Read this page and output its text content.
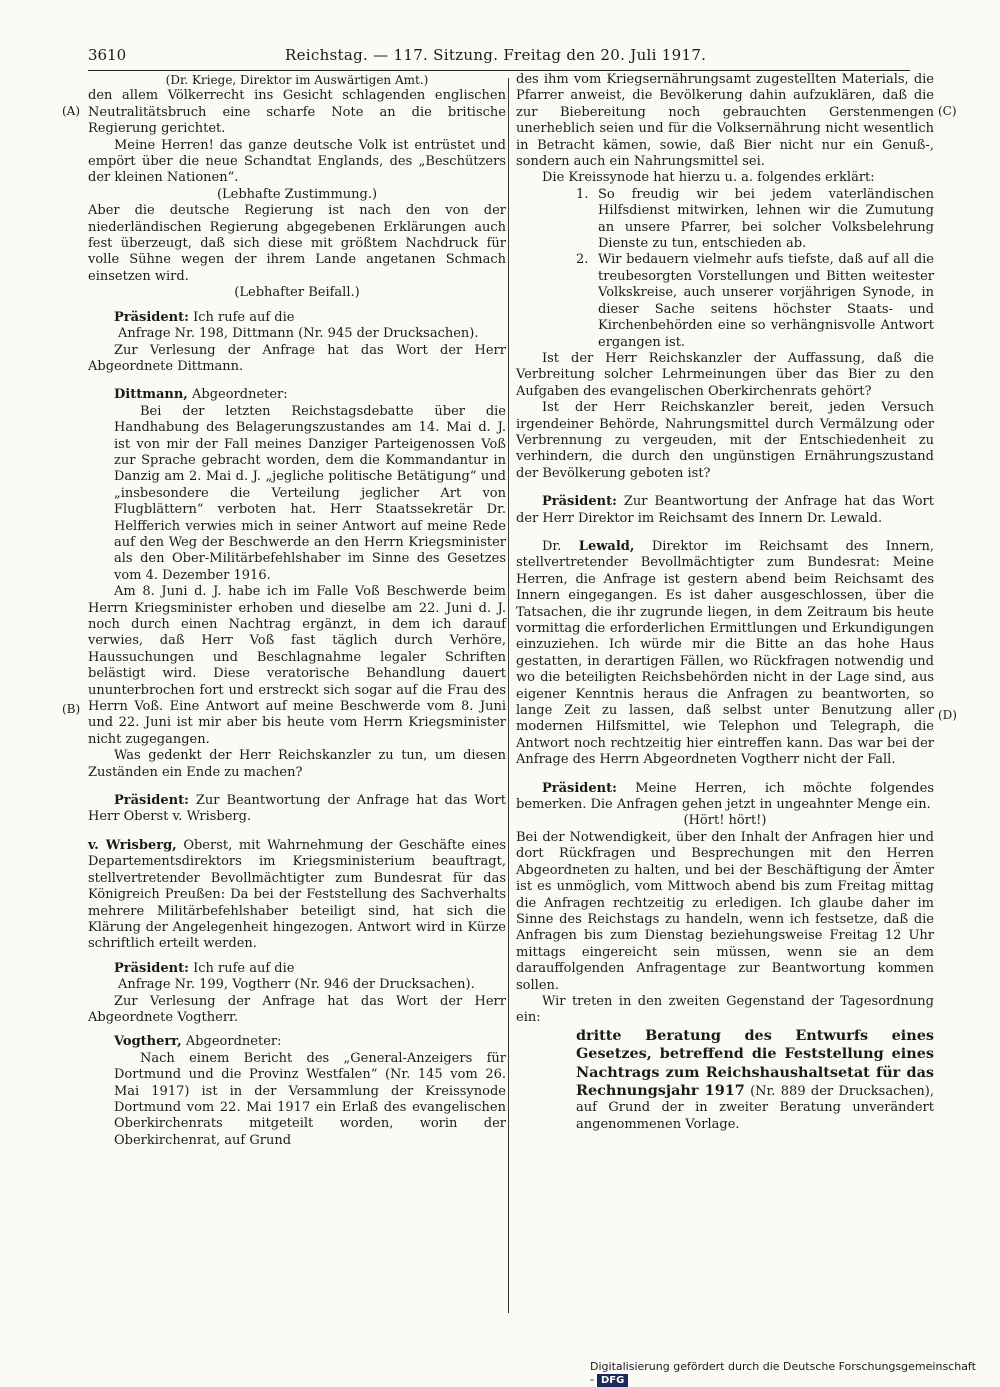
3610	Reichstag. — 117. Sitzung. Freitag den 20. Juli 1917.
(A)
(B)
(C)
(D)

(Dr. Kriege, Direktor im Auswärtigen Amt.)

den allem Völkerrecht ins Gesicht schlagenden englischen Neutralitätsbruch eine scharfe Note an die britische Regierung gerichtet.

Meine Herren! das ganze deutsche Volk ist entrüstet und empört über die neue Schandtat Englands, des „Beschützers der kleinen Nationen“.

(Lebhafte Zustimmung.)

Aber die deutsche Regierung ist nach den von der niederländischen Regierung abgegebenen Erklärungen auch fest überzeugt, daß sich diese mit größtem Nachdruck für volle Sühne wegen der ihrem Lande angetanen Schmach einsetzen wird.

(Lebhafter Beifall.)

Präsident: Ich rufe auf die

Anfrage Nr. 198, Dittmann (Nr. 945 der Drucksachen).

Zur Verlesung der Anfrage hat das Wort der Herr Abgeordnete Dittmann.

Dittmann, Abgeordneter:

Bei der letzten Reichstagsdebatte über die Handhabung des Belagerungszustandes am 14. Mai d. J. ist von mir der Fall meines Danziger Parteigenossen Voß zur Sprache gebracht worden, dem die Kommandantur in Danzig am 2. Mai d. J. „jegliche politische Betätigung“ und „insbesondere die Verteilung jeglicher Art von Flugblättern“ verboten hat. Herr Staatssekretär Dr. Helfferich verwies mich in seiner Antwort auf meine Rede auf den Weg der Beschwerde an den Herrn Kriegsminister als den Ober-Militärbefehlshaber im Sinne des Gesetzes vom 4. Dezember 1916.

Am 8. Juni d. J. habe ich im Falle Voß Beschwerde beim Herrn Kriegsminister erhoben und dieselbe am 22. Juni d. J. noch durch einen Nachtrag ergänzt, in dem ich darauf verwies, daß Herr Voß fast täglich durch Verhöre, Haussuchungen und Beschlagnahme legaler Schriften belästigt wird. Diese veratorische Behandlung dauert ununterbrochen fort und erstreckt sich sogar auf die Frau des Herrn Voß. Eine Antwort auf meine Beschwerde vom 8. Juni und 22. Juni ist mir aber bis heute vom Herrn Kriegsminister nicht zugegangen.

Was gedenkt der Herr Reichskanzler zu tun, um diesen Zuständen ein Ende zu machen?

Präsident: Zur Beantwortung der Anfrage hat das Wort Herr Oberst v. Wrisberg.

v. Wrisberg, Oberst, mit Wahrnehmung der Geschäfte eines Departementsdirektors im Kriegsministerium beauftragt, stellvertretender Bevollmächtigter zum Bundesrat für das Königreich Preußen: Da bei der Feststellung des Sachverhalts mehrere Militärbefehlshaber beteiligt sind, hat sich die Klärung der Angelegenheit hingezogen. Antwort wird in Kürze schriftlich erteilt werden.

Präsident: Ich rufe auf die

Anfrage Nr. 199, Vogtherr (Nr. 946 der Drucksachen).

Zur Verlesung der Anfrage hat das Wort der Herr Abgeordnete Vogtherr.

Vogtherr, Abgeordneter:

Nach einem Bericht des „General-Anzeigers für Dortmund und die Provinz Westfalen“ (Nr. 145 vom 26. Mai 1917) ist in der Versammlung der Kreissynode Dortmund vom 22. Mai 1917 ein Erlaß des evangelischen Oberkirchenrats mitgeteilt worden, worin der Oberkirchenrat, auf Grund

des ihm vom Kriegsernährungsamt zugestellten Materials, die Pfarrer anweist, die Bevölkerung dahin aufzuklären, daß die zur Biebereitung noch gebrauchten Gerstenmengen unerheblich seien und für die Volksernährung nicht wesentlich in Betracht kämen, sowie, daß Bier nicht nur ein Genuß-, sondern auch ein Nahrungsmittel sei.

Die Kreissynode hat hierzu u. a. folgendes erklärt:

1. So freudig wir bei jedem vaterländischen Hilfsdienst mitwirken, lehnen wir die Zumutung an unsere Pfarrer, bei solcher Volksbelehrung Dienste zu tun, entschieden ab.

2. Wir bedauern vielmehr aufs tiefste, daß auf all die treubesorgten Vorstellungen und Bitten weitester Volkskreise, auch unserer vorjährigen Synode, in dieser Sache seitens höchster Staats- und Kirchenbehörden eine so verhängnisvolle Antwort ergangen ist.

Ist der Herr Reichskanzler der Auffassung, daß die Verbreitung solcher Lehrmeinungen über das Bier zu den Aufgaben des evangelischen Oberkirchenrats gehört?

Ist der Herr Reichskanzler bereit, jeden Versuch irgendeiner Behörde, Nahrungsmittel durch Vermälzung oder Verbrennung zu vergeuden, mit der Entschiedenheit zu verhindern, die durch den ungünstigen Ernährungszustand der Bevölkerung geboten ist?

Präsident: Zur Beantwortung der Anfrage hat das Wort der Herr Direktor im Reichsamt des Innern Dr. Lewald.

Dr. Lewald, Direktor im Reichsamt des Innern, stellvertretender Bevollmächtigter zum Bundesrat: Meine Herren, die Anfrage ist gestern abend beim Reichsamt des Innern eingegangen. Es ist daher ausgeschlossen, über die Tatsachen, die ihr zugrunde liegen, in dem Zeitraum bis heute vormittag die erforderlichen Ermittlungen und Erkundigungen einzuziehen. Ich würde mir die Bitte an das hohe Haus gestatten, in derartigen Fällen, wo Rückfragen notwendig und wo die beteiligten Reichsbehörden nicht in der Lage sind, aus eigener Kenntnis heraus die Anfragen zu beantworten, so lange Zeit zu lassen, daß selbst unter Benutzung aller modernen Hilfsmittel, wie Telephon und Telegraph, die Antwort noch rechtzeitig hier eintreffen kann. Das war bei der Anfrage des Herrn Abgeordneten Vogtherr nicht der Fall.

Präsident: Meine Herren, ich möchte folgendes bemerken. Die Anfragen gehen jetzt in ungeahnter Menge ein.

(Hört! hört!)

Bei der Notwendigkeit, über den Inhalt der Anfragen hier und dort Rückfragen und Besprechungen mit den Herren Abgeordneten zu halten, und bei der Beschäftigung der Ämter ist es unmöglich, vom Mittwoch abend bis zum Freitag mittag die Anfragen rechtzeitig zu erledigen. Ich glaube daher im Sinne des Reichstags zu handeln, wenn ich festsetze, daß die Anfragen bis zum Dienstag beziehungsweise Freitag 12 Uhr mittags eingereicht sein müssen, wenn sie an dem darauffolgenden Anfragentage zur Beantwortung kommen sollen.

Wir treten in den zweiten Gegenstand der Tagesordnung ein:

dritte Beratung des Entwurfs eines Gesetzes, betreffend die Feststellung eines Nachtrags zum Reichshaushaltsetat für das Rechnungsjahr 1917 (Nr. 889 der Drucksachen), auf Grund der in zweiter Beratung unverändert angenommenen Vorlage.

Digitalisierung gefördert durch die Deutsche Forschungsgemeinschaft - DFG
